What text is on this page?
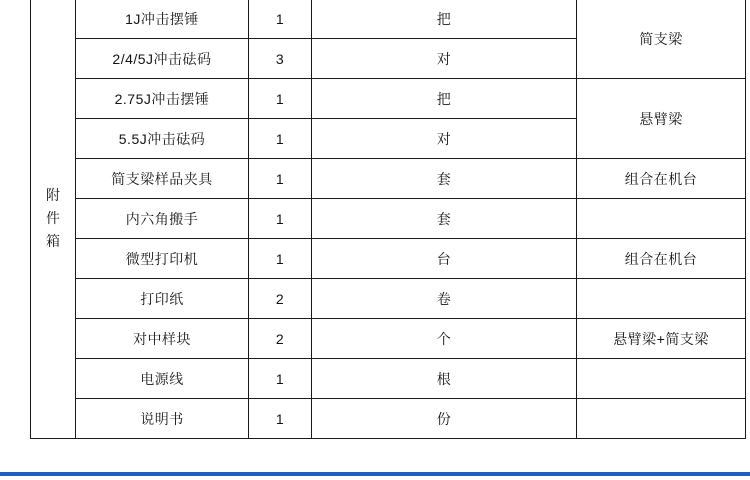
附件箱	1J冲击摆锤	1	把	简支梁
	2/4/5J冲击砝码	3	对	
	2.75J冲击摆锤	1	把	悬臂梁
	5.5J冲击砝码	1	对	
	简支梁样品夹具	1	套	组合在机台
	内六角搬手	1	套	
	微型打印机	1	台	组合在机台
	打印纸	2	卷	
	对中样块	2	个	悬臂梁+简支梁
	电源线	1	根	
	说明书	1	份	
